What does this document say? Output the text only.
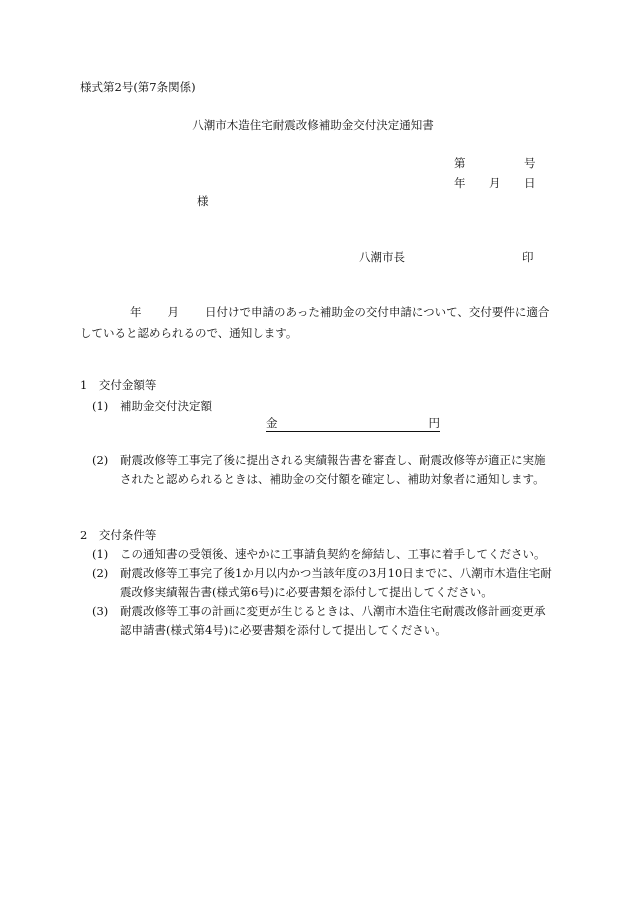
様式第2号(第7条関係)
八潮市木造住宅耐震改修補助金交付決定通知書
第	号
年 月 日
様
八潮市長	印
年 月 日付けで申請のあった補助金の交付申請について、交付要件に適合していると認められるので、通知します。
1　交付金額等
(1)	補助金交付決定額
金	円
(2)	耐震改修等工事完了後に提出される実績報告書を審査し、耐震改修等が適正に実施されたと認められるときは、補助金の交付額を確定し、補助対象者に通知します。
2　交付条件等
(1)	この通知書の受領後、速やかに工事請負契約を締結し、工事に着手してください。
(2)	耐震改修等工事完了後1か月以内かつ当該年度の3月10日までに、八潮市木造住宅耐震改修実績報告書(様式第6号)に必要書類を添付して提出してください。
(3)	耐震改修等工事の計画に変更が生じるときは、八潮市木造住宅耐震改修計画変更承認申請書(様式第4号)に必要書類を添付して提出してください。
